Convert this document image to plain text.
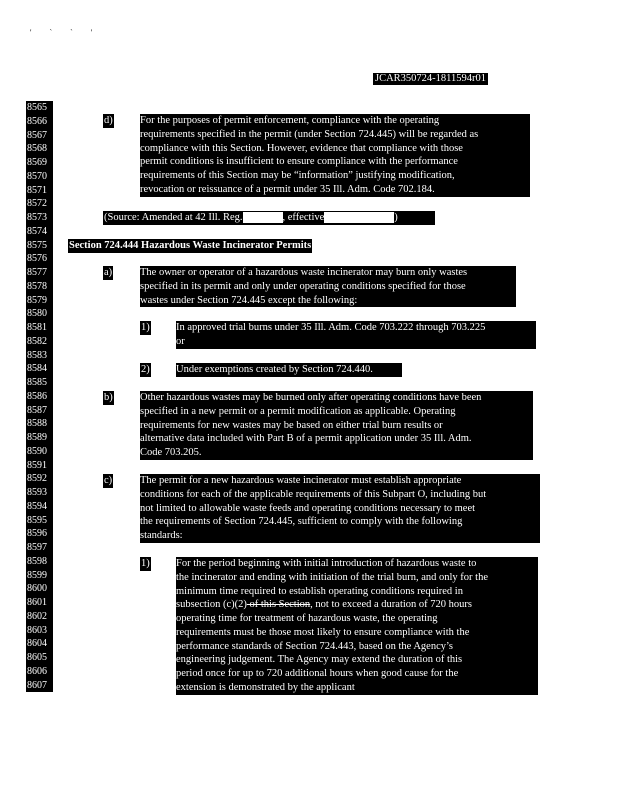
' ` ` '
JCAR350724-1811594r01
8565
8566
8567
8568
8569
8570
8571
8572
8573
8574
8575
8576
8577
8578
8579
8580
8581
8582
8583
8584
8585
8586
8587
8588
8589
8590
8591
8592
8593
8594
8595
8596
8597
8598
8599
8600
8601
8602
8603
8604
8605
8606
8607
d)	For the purposes of permit enforcement, compliance with the operating
requirements specified in the permit (under Section 724.445) will be regarded as
compliance with this Section. However, evidence that compliance with those
permit conditions is insufficient to ensure compliance with the performance
requirements of this Section may be “information” justifying modification,
revocation or reissuance of a permit under 35 Ill. Adm. Code 702.184.
(Source: Amended at 42 Ill. Reg.	, effective	)
Section 724.444 Hazardous Waste Incinerator Permits
a)	The owner or operator of a hazardous waste incinerator may burn only wastes
specified in its permit and only under operating conditions specified for those
wastes under Section 724.445 except the following:
1)	In approved trial burns under 35 Ill. Adm. Code 703.222 through 703.225
or
2)	Under exemptions created by Section 724.440.
b)	Other hazardous wastes may be burned only after operating conditions have been
specified in a new permit or a permit modification as applicable. Operating
requirements for new wastes may be based on either trial burn results or
alternative data included with Part B of a permit application under 35 Ill. Adm.
Code 703.205.
c)	The permit for a new hazardous waste incinerator must establish appropriate
conditions for each of the applicable requirements of this Subpart O, including but
not limited to allowable waste feeds and operating conditions necessary to meet
the requirements of Section 724.445, sufficient to comply with the following
standards:
1)	For the period beginning with initial introduction of hazardous waste to
the incinerator and ending with initiation of the trial burn, and only for the
minimum time required to establish operating conditions required in
subsection (c)(2) of this Section, not to exceed a duration of 720 hours
operating time for treatment of hazardous waste, the operating
requirements must be those most likely to ensure compliance with the
performance standards of Section 724.443, based on the Agency’s
engineering judgement. The Agency may extend the duration of this
period once for up to 720 additional hours when good cause for the
extension is demonstrated by the applicant
